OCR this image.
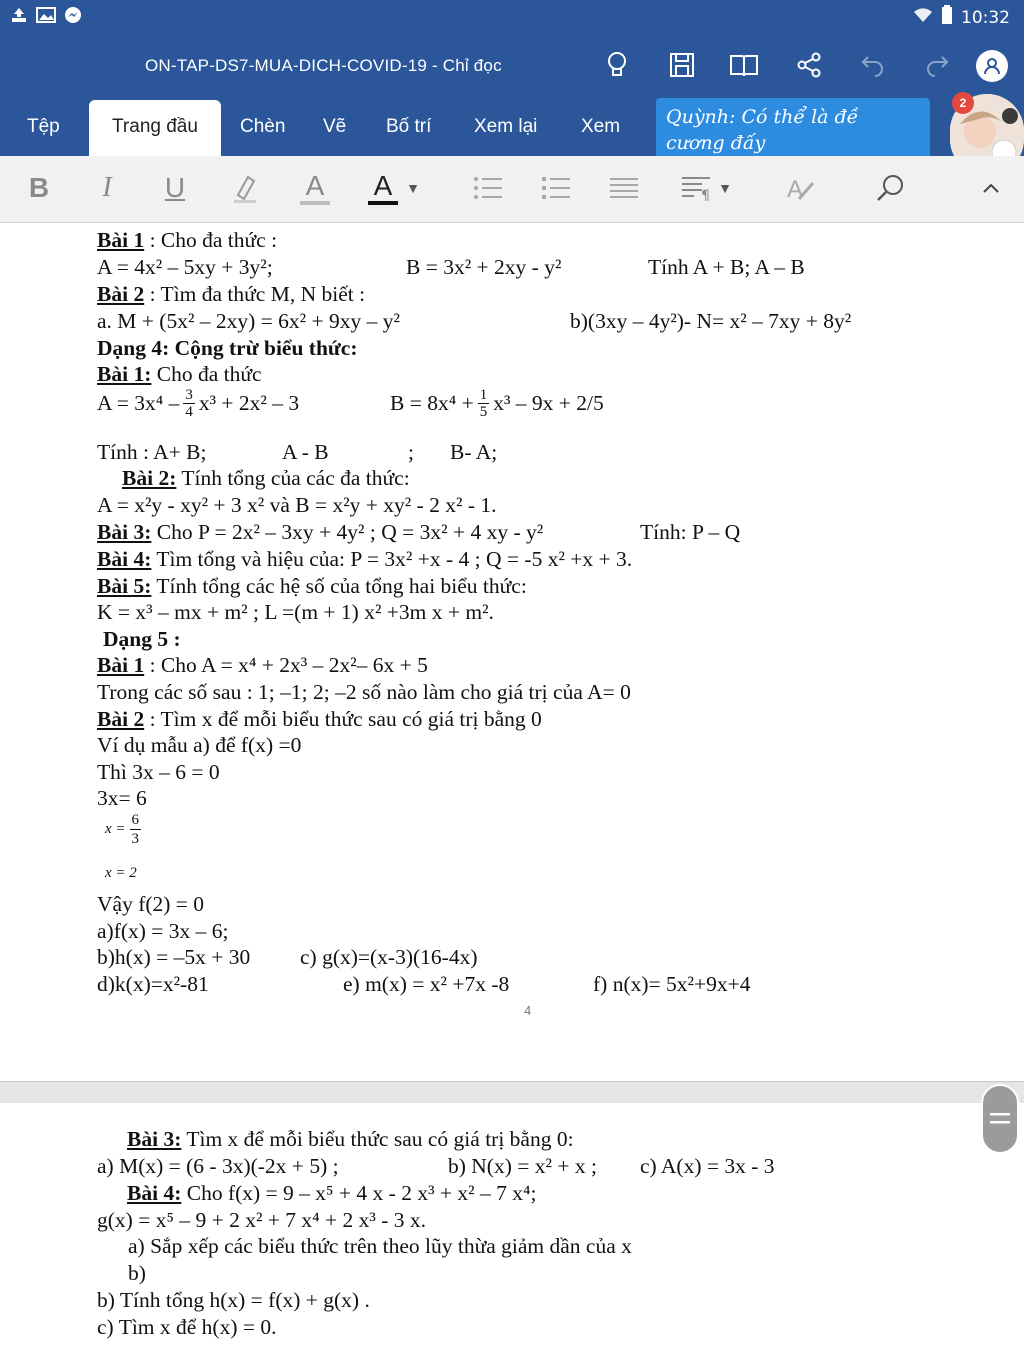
10:32
ON-TAP-DS7-MUA-DICH-COVID-19 - Chỉ đọc
Tệp	Trang đầu	Chèn Vẽ Bố trí Xem lại Xem	Quỳnh: Có thể là đề cương đấy
2
B	I	U	A A ▼	¶ ▼ A
Bài 1 : Cho đa thức :
A = 4x² – 5xy + 3y²;	B = 3x² + 2xy - y²	Tính A + B; A – B
Bài 2 : Tìm đa thức M, N biết :
a. M + (5x² – 2xy) = 6x² + 9xy – y²	b)(3xy – 4y²)- N= x² – 7xy + 8y²
Dạng 4: Cộng trừ biểu thức:
Bài 1: Cho đa thức
$A = 3x^4 - \frac{3}{4} x^3 + 2x^2 - 3$	$B = 8x^4 + \frac{1}{5} x^3 - 9x + 2/5$
Tính : A+ B;	A - B	; B- A;
Bài 2: Tính tổng của các đa thức:
A = x²y - xy² + 3 x² và B = x²y + xy² - 2 x² - 1.
Bài 3: Cho P = 2x² – 3xy + 4y² ; Q = 3x² + 4 xy - y²	Tính: P – Q
Bài 4: Tìm tổng và hiệu của: P = 3x² +x - 4 ; Q = -5 x² +x + 3.
Bài 5: Tính tổng các hệ số của tổng hai biểu thức:
K = x³ – mx + m² ; L =(m + 1) x² +3m x + m².
Dạng 5 :
Bài 1 : Cho A = x⁴ + 2x³ – 2x²– 6x + 5
Trong các số sau : 1; –1; 2; –2 số nào làm cho giá trị của A= 0
Bài 2 : Tìm x để mỗi biểu thức sau có giá trị bằng 0
Ví dụ mẫu a) để f(x) =0
Thì 3x – 6 = 0
3x= 6
$x = \frac{6}{3}$
x = 2
Vậy f(2) = 0
a)f(x) = 3x – 6;
b)h(x) = –5x + 30 c) g(x)=(x-3)(16-4x)
d)k(x)=x²-81	e) m(x) = x² +7x -8	f) n(x)= 5x²+9x+4
4
Bài 3: Tìm x để mỗi biểu thức sau có giá trị bằng 0:
a) M(x) = (6 - 3x)(-2x + 5) ;	b) N(x) = x² + x ; c) A(x) = 3x - 3
Bài 4: Cho f(x) = 9 – x⁵ + 4 x - 2 x³ + x² – 7 x⁴;
g(x) = x⁵ – 9 + 2 x² + 7 x⁴ + 2 x³ - 3 x.
a) Sắp xếp các biểu thức trên theo lũy thừa giảm dần của x
b)
b) Tính tổng h(x) = f(x) + g(x) .
c) Tìm x để h(x) = 0.
